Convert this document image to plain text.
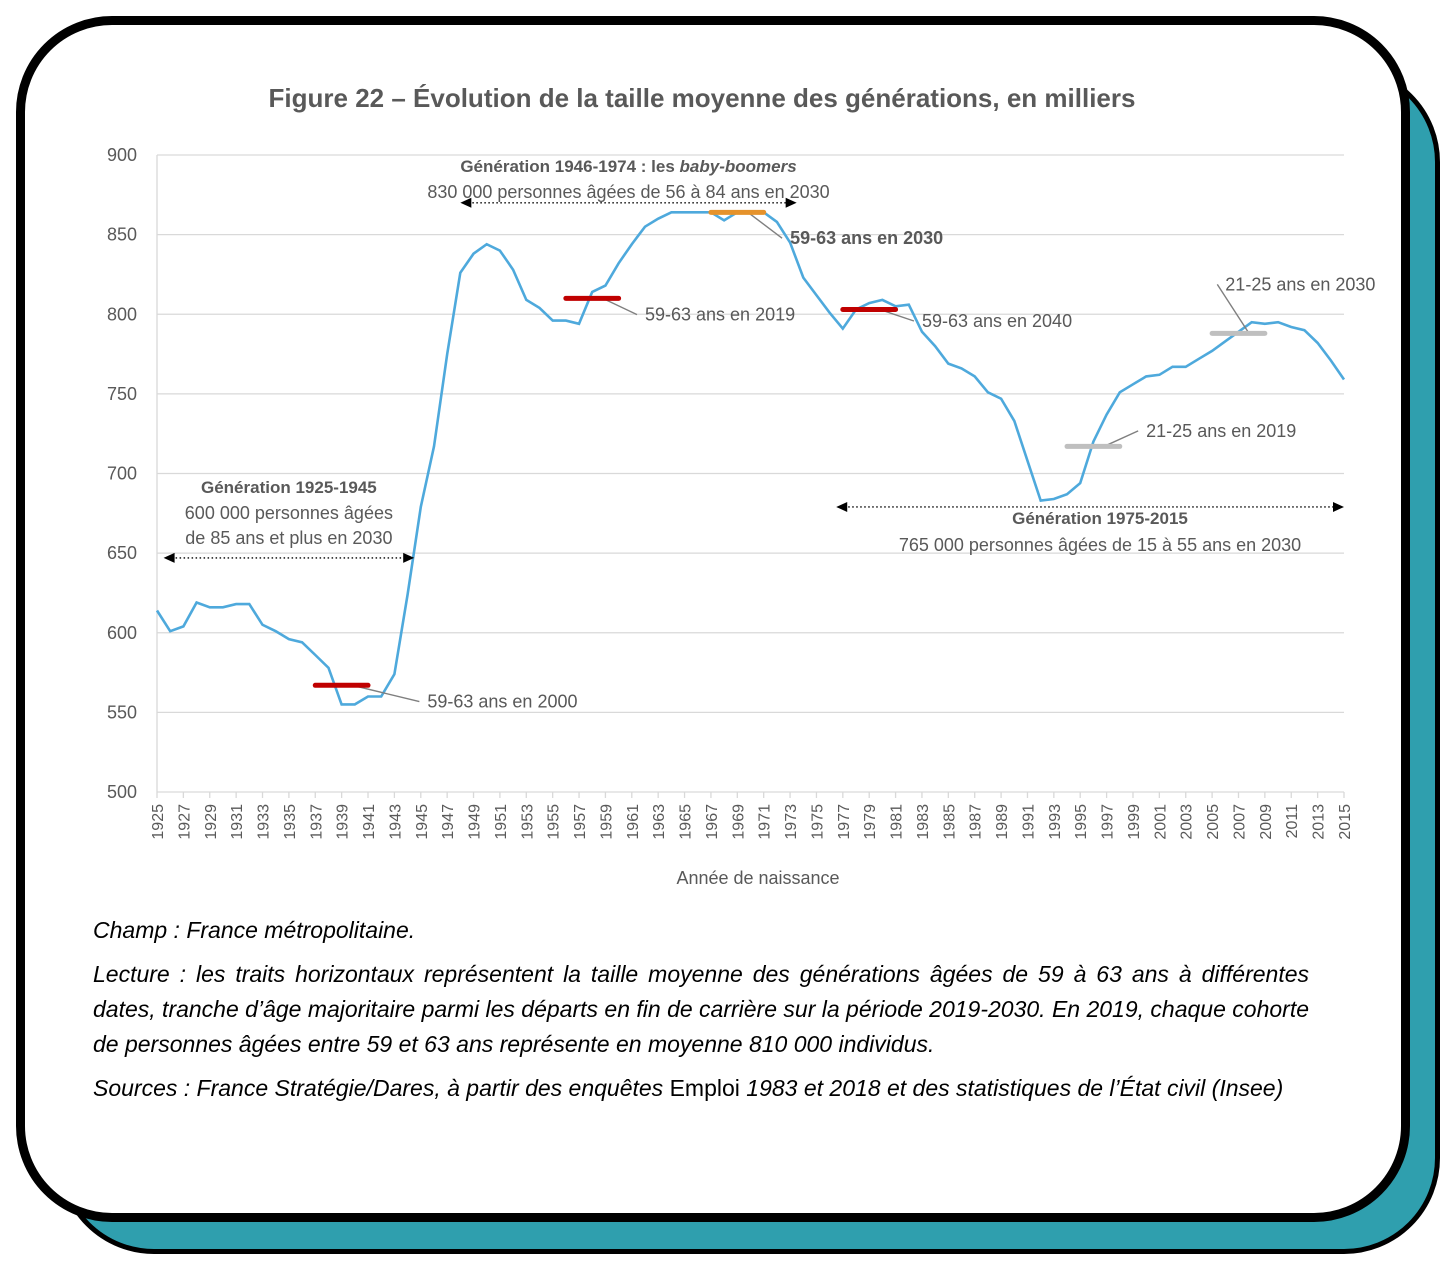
Figure 22 – Évolution de la taille moyenne des générations, en milliers
500
550
600
650
700
750
800
850
900
1925 1927 1929 1931 1933 1935 1937 1939 1941 1943 1945 1947 1949 1951 1953 1955 1957 1959 1961 1963 1965 1967 1969 1971 1973 1975 1977 1979 1981 1983 1985 1987 1989 1991 1993 1995 1997 1999 2001 2003 2005 2007 2009 2011 2013 2015
59-63 ans en 2000
59-63 ans en 2019
59-63 ans en 2030
59-63 ans en 2040
21-25 ans en 2019
21-25 ans en 2030
Génération 1925-1945
600 000 personnes âgées
de 85 ans et plus en 2030
Génération 1946-1974 : les baby-boomers
830 000 personnes âgées de 56 à 84 ans en 2030
Génération 1975-2015
765 000 personnes âgées de 15 à 55 ans en 2030
Année de naissance

Champ : France métropolitaine.

Lecture : les traits horizontaux représentent la taille moyenne des générations âgées de 59 à 63 ans à différentes dates, tranche d’âge majoritaire parmi les départs en fin de carrière sur la période 2019-2030. En 2019, chaque cohorte de personnes âgées entre 59 et 63 ans représente en moyenne 810 000 individus.

Sources : France Stratégie/Dares, à partir des enquêtes Emploi 1983 et 2018 et des statistiques de l’État civil (Insee)
